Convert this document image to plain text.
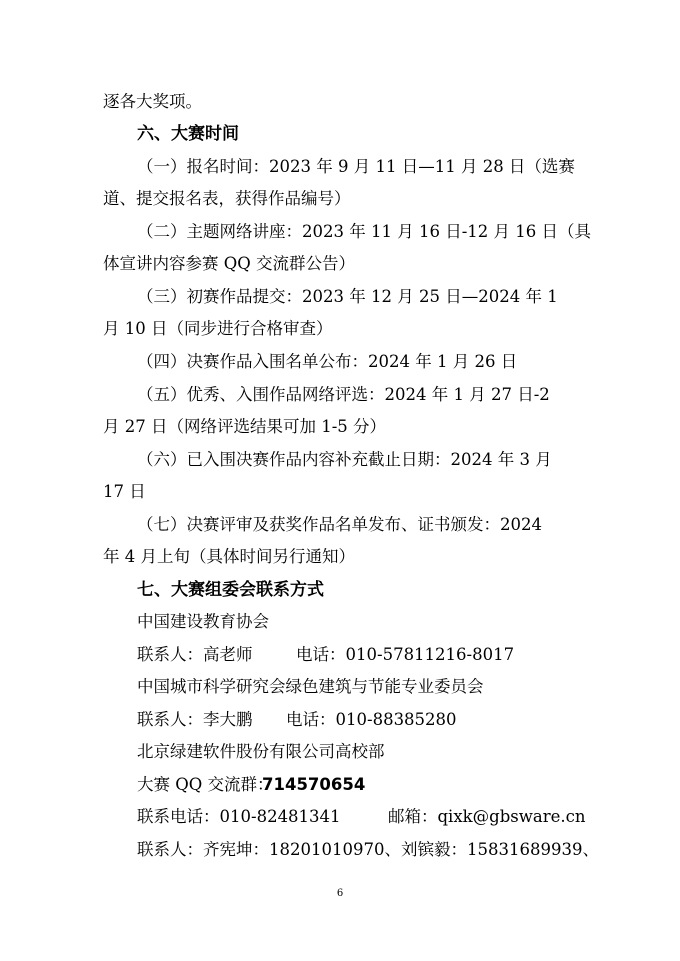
逐各大奖项。
六、大赛时间
（一）报名时间：2023 年 9 月 11 日—11 月 28 日（选赛
道、提交报名表，获得作品编号）
（二）主题网络讲座：2023 年 11 月 16 日-12 月 16 日（具
体宣讲内容参赛 QQ 交流群公告）
（三）初赛作品提交：2023 年 12 月 25 日—2024 年 1
月 10 日（同步进行合格审查）
（四）决赛作品入围名单公布：2024 年 1 月 26 日
（五）优秀、入围作品网络评选：2024 年 1 月 27 日-2
月 27 日（网络评选结果可加 1-5 分）
（六）已入围决赛作品内容补充截止日期：2024 年 3 月
17 日
（七）决赛评审及获奖作品名单发布、证书颁发：2024
年 4 月上旬（具体时间另行通知）
七、大赛组委会联系方式
中国建设教育协会
联系人：高老师	电话：010-57811216-8017
中国城市科学研究会绿色建筑与节能专业委员会
联系人：李大鹏 电话：010-88385280
北京绿建软件股份有限公司高校部
大赛 QQ 交流群：
714570654
联系电话：010-82481341	邮箱：qixk@gbsware.cn
联系人：齐宪坤：18201010970、刘镔毅：15831689939、
6
